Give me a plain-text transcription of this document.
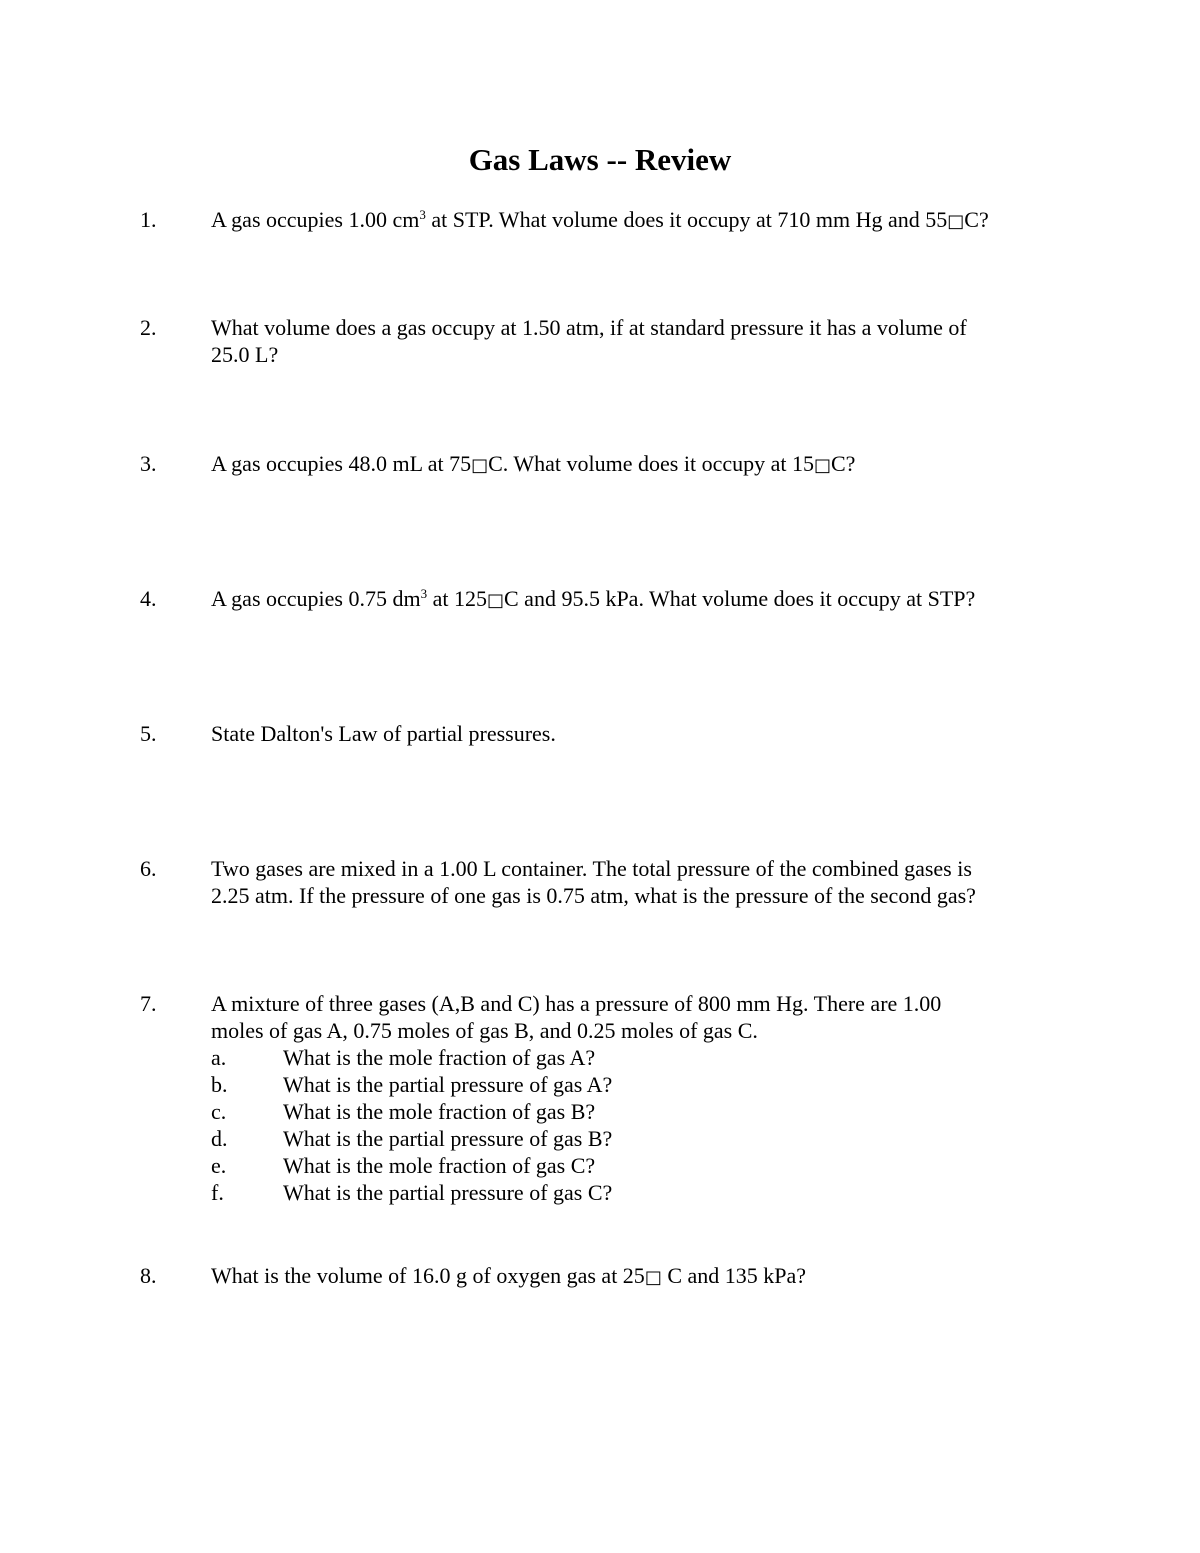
Gas Laws -- Review
1. A gas occupies 1.00 $cm^3$ at STP. What volume does it occupy at 710 mm Hg and 55□C?
2. What volume does a gas occupy at 1.50 atm, if at standard pressure it has a volume of
25.0 L?
3. A gas occupies 48.0 mL at 75□C. What volume does it occupy at 15□C?
4. A gas occupies 0.75 $dm^3$ at 125□C and 95.5 kPa. What volume does it occupy at STP?
5. State Dalton's Law of partial pressures.
6. Two gases are mixed in a 1.00 L container. The total pressure of the combined gases is
2.25 atm. If the pressure of one gas is 0.75 atm, what is the pressure of the second gas?
7. A mixture of three gases (A,B and C) has a pressure of 800 mm Hg. There are 1.00
moles of gas A, 0.75 moles of gas B, and 0.25 moles of gas C.
a.	What is the mole fraction of gas A?
b.	What is the partial pressure of gas A?
c.	What is the mole fraction of gas B?
d.	What is the partial pressure of gas B?
e.	What is the mole fraction of gas C?
f.	What is the partial pressure of gas C?
8. What is the volume of 16.0 g of oxygen gas at 25□ C and 135 kPa?
